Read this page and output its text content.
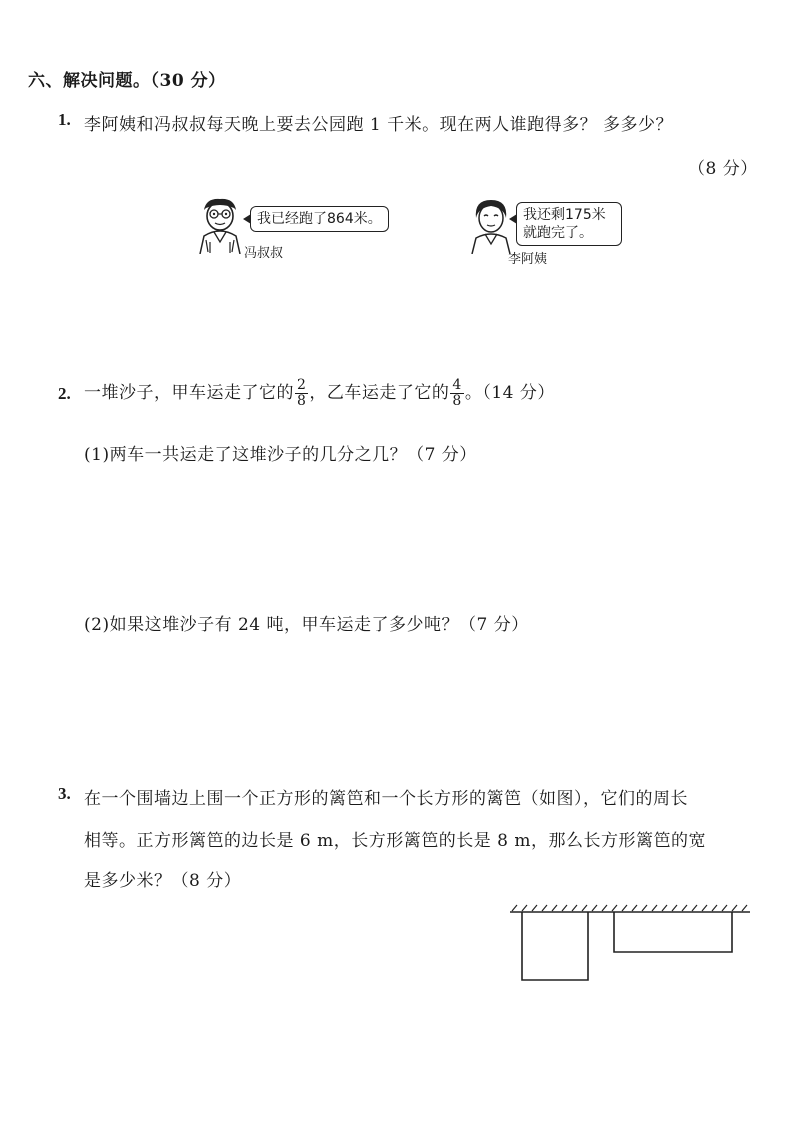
六、解决问题。（30 分）
1. 李阿姨和冯叔叔每天晚上要去公园跑 1 千米。现在两人谁跑得多？ 多多少？
（8 分）
我已经跑了864米。
冯叔叔
我还剩175米
就跑完了。
李阿姨
2. 一堆沙子，甲车运走了它的 $\frac{2}{8}$ ，乙车运走了它的 $\frac{4}{8}$ 。（14 分）
(1)两车一共运走了这堆沙子的几分之几？（7 分）
(2)如果这堆沙子有 24 吨，甲车运走了多少吨？（7 分）
3. 在一个围墙边上围一个正方形的篱笆和一个长方形的篱笆（如图），它们的周长
相等。正方形篱笆的边长是 6 m，长方形篱笆的长是 8 m，那么长方形篱笆的宽
是多少米？（8 分）
